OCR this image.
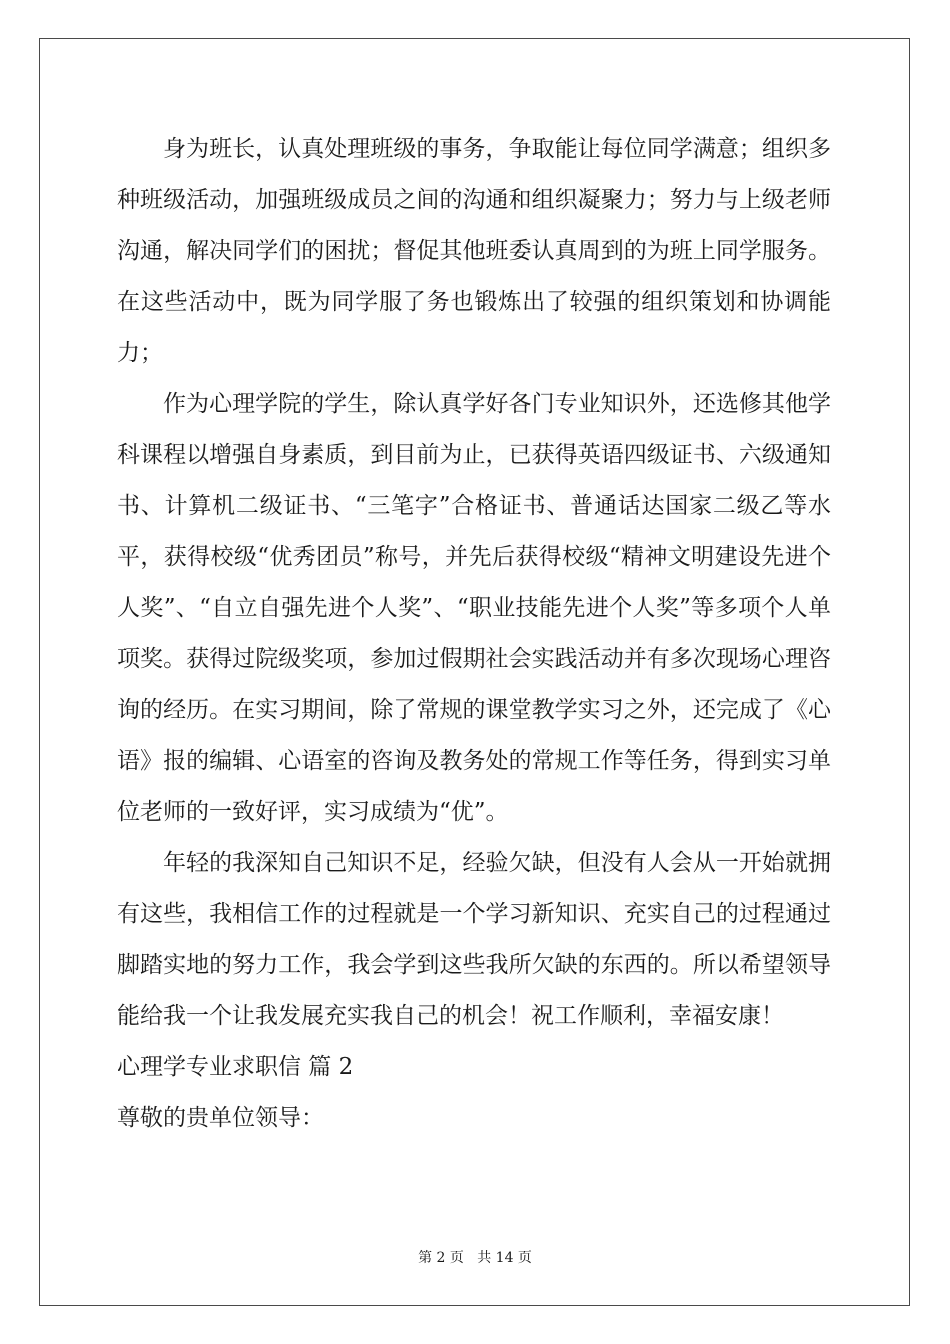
身为班长，认真处理班级的事务，争取能让每位同学满意；组织多种班级活动，加强班级成员之间的沟通和组织凝聚力；努力与上级老师沟通，解决同学们的困扰；督促其他班委认真周到的为班上同学服务。在这些活动中，既为同学服了务也锻炼出了较强的组织策划和协调能力；

作为心理学院的学生，除认真学好各门专业知识外，还选修其他学科课程以增强自身素质，到目前为止，已获得英语四级证书、六级通知书、计算机二级证书、“三笔字”合格证书、普通话达国家二级乙等水平，获得校级“优秀团员”称号，并先后获得校级“精神文明建设先进个人奖”、“自立自强先进个人奖”、“职业技能先进个人奖”等多项个人单项奖。获得过院级奖项，参加过假期社会实践活动并有多次现场心理咨询的经历。在实习期间，除了常规的课堂教学实习之外，还完成了《心语》报的编辑、心语室的咨询及教务处的常规工作等任务，得到实习单位老师的一致好评，实习成绩为“优”。

年轻的我深知自己知识不足，经验欠缺，但没有人会从一开始就拥有这些，我相信工作的过程就是一个学习新知识、充实自己的过程通过脚踏实地的努力工作，我会学到这些我所欠缺的东西的。所以希望领导能给我一个让我发展充实我自己的机会！祝工作顺利，幸福安康！

心理学专业求职信 篇 2

尊敬的贵单位领导：

第 2 页   共 14 页
